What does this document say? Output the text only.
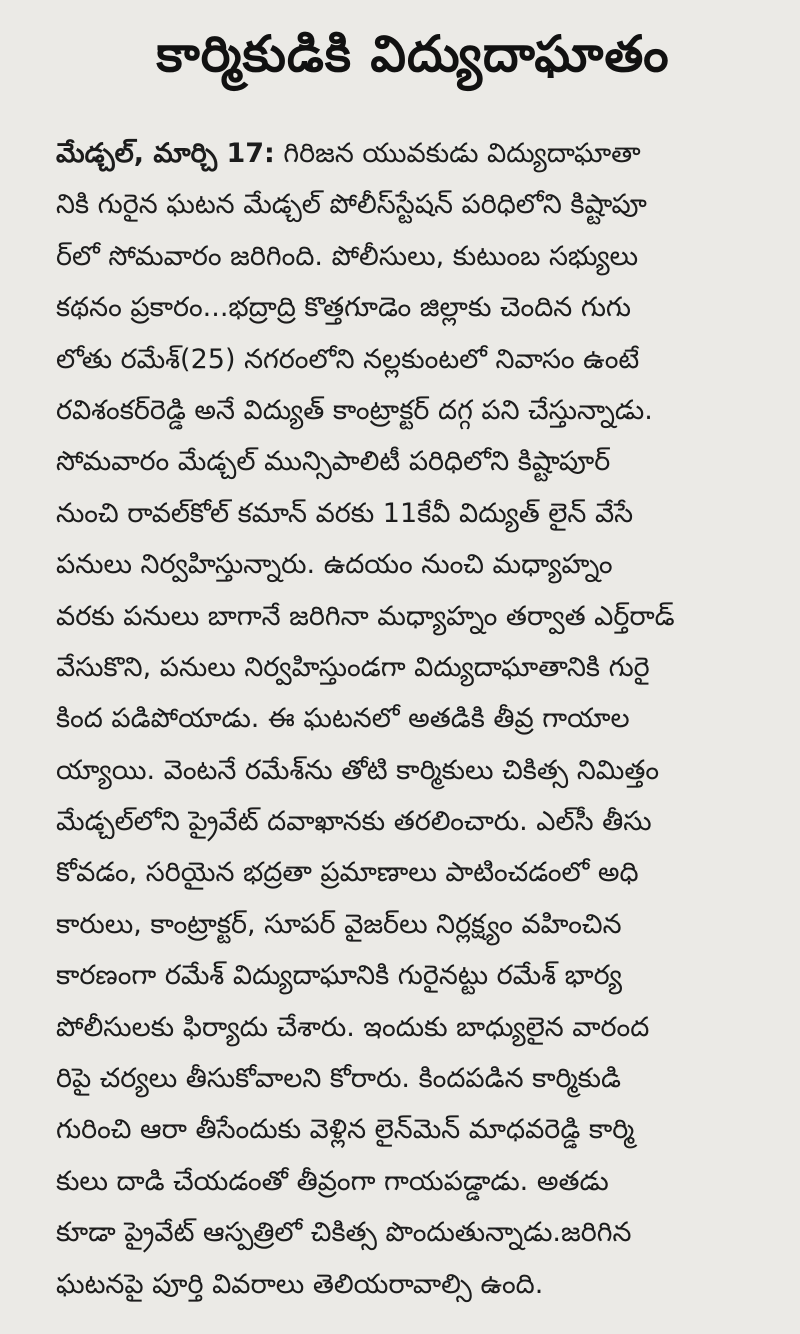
కార్మికుడికి విద్యుదాఘాతం
మేడ్చల్, మార్చి 17: గిరిజన యువకుడు విద్యుదాఘాతా
నికి గురైన ఘటన మేడ్చల్ పోలీస్‌స్టేషన్ పరిధిలోని కిష్టాపూ
ర్‌లో సోమవారం జరిగింది. పోలీసులు, కుటుంబ సభ్యులు
కథనం ప్రకారం...భద్రాద్రి కొత్తగూడెం జిల్లాకు చెందిన గుగు
లోతు రమేశ్(25) నగరంలోని నల్లకుంటలో నివాసం ఉంటే
రవిశంకర్‌రెడ్డి అనే విద్యుత్ కాంట్రాక్టర్ దగ్గ పని చేస్తున్నాడు.
సోమవారం మేడ్చల్ మున్సిపాలిటీ పరిధిలోని కిష్టాపూర్
నుంచి రావల్‌కోల్ కమాన్ వరకు 11కేవీ విద్యుత్ లైన్ వేసే
పనులు నిర్వహిస్తున్నారు. ఉదయం నుంచి మధ్యాహ్నం
వరకు పనులు బాగానే జరిగినా మధ్యాహ్నం తర్వాత ఎర్త్‌రాడ్
వేసుకొని, పనులు నిర్వహిస్తుండగా విద్యుదాఘాతానికి గురై
కింద పడిపోయాడు. ఈ ఘటనలో అతడికి తీవ్ర గాయాల
య్యాయి. వెంటనే రమేశ్‌ను తోటి కార్మికులు చికిత్స నిమిత్తం
మేడ్చల్‌లోని ప్రైవేట్ దవాఖానకు తరలించారు. ఎల్‌సీ తీసు
కోవడం, సరియైన భద్రతా ప్రమాణాలు పాటించడంలో అధి
కారులు, కాంట్రాక్టర్, సూపర్ వైజర్‌లు నిర్లక్ష్యం వహించిన
కారణంగా రమేశ్ విద్యుదాఘానికి గురైనట్టు రమేశ్ భార్య
పోలీసులకు ఫిర్యాదు చేశారు. ఇందుకు బాధ్యులైన వారంద
రిపై చర్యలు తీసుకోవాలని కోరారు. కిందపడిన కార్మికుడి
గురించి ఆరా తీసేందుకు వెళ్లిన లైన్‌మెన్ మాధవరెడ్డి కార్మి
కులు దాడి చేయడంతో తీవ్రంగా గాయపడ్డాడు. అతడు
కూడా ప్రైవేట్ ఆస్పత్రిలో చికిత్స పొందుతున్నాడు.జరిగిన
ఘటనపై పూర్తి వివరాలు తెలియరావాల్సి ఉంది.
